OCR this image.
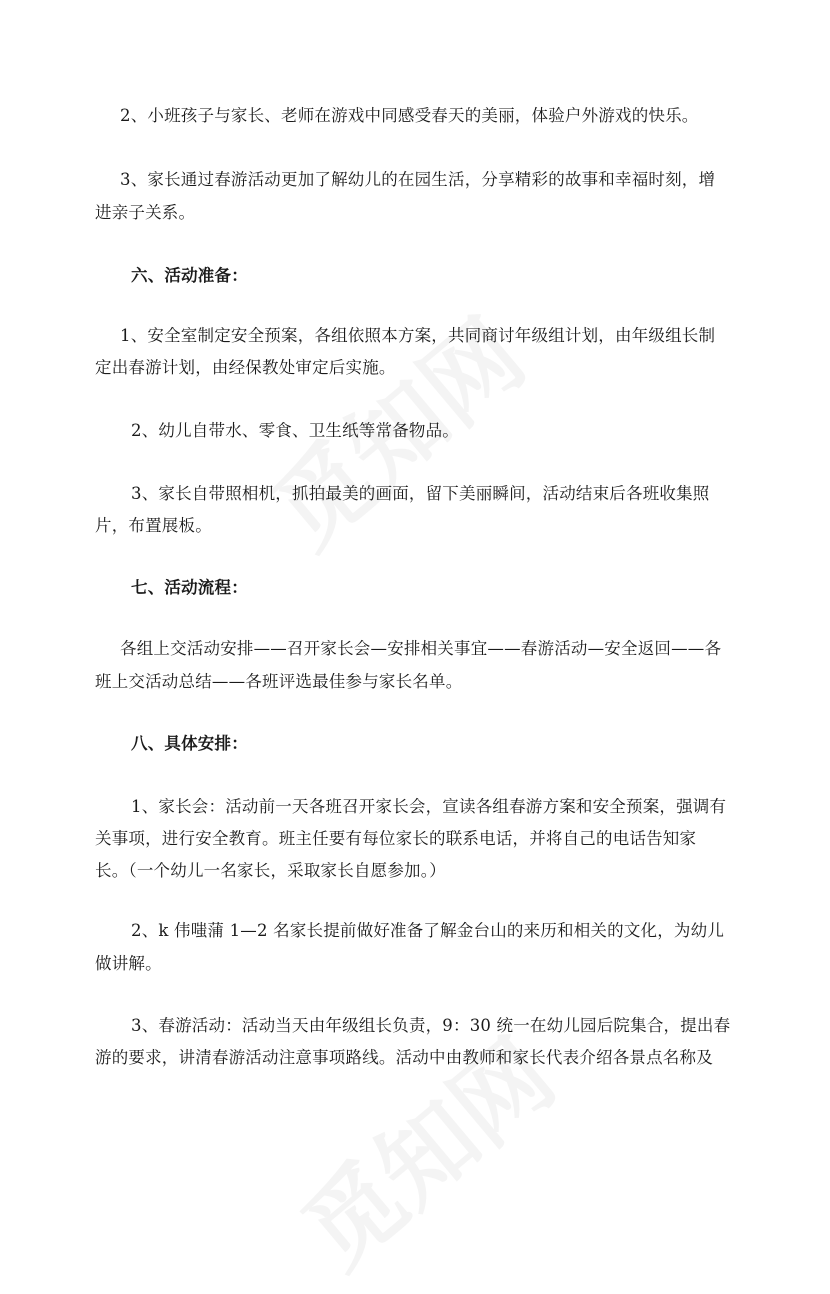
2、小班孩子与家长、老师在游戏中同感受春天的美丽，体验户外游戏的快乐。
3、家长通过春游活动更加了解幼儿的在园生活，分享精彩的故事和幸福时刻，增
进亲子关系。
六、活动准备：
1、安全室制定安全预案，各组依照本方案，共同商讨年级组计划，由年级组长制
定出春游计划，由经保教处审定后实施。
2、幼儿自带水、零食、卫生纸等常备物品。
3、家长自带照相机，抓拍最美的画面，留下美丽瞬间，活动结束后各班收集照
片，布置展板。
七、活动流程：
各组上交活动安排——召开家长会—安排相关事宜——春游活动—安全返回——各
班上交活动总结——各班评选最佳参与家长名单。
八、具体安排：
1、家长会：活动前一天各班召开家长会，宣读各组春游方案和安全预案，强调有
关事项，进行安全教育。班主任要有每位家长的联系电话，并将自己的电话告知家
长。（一个幼儿一名家长，采取家长自愿参加。）
2、k 伟嗤蒲 1—2 名家长提前做好准备了解金台山的来历和相关的文化，为幼儿
做讲解。
3、春游活动：活动当天由年级组长负责，9：30 统一在幼儿园后院集合，提出春
游的要求，讲清春游活动注意事项路线。活动中由教师和家长代表介绍各景点名称及
